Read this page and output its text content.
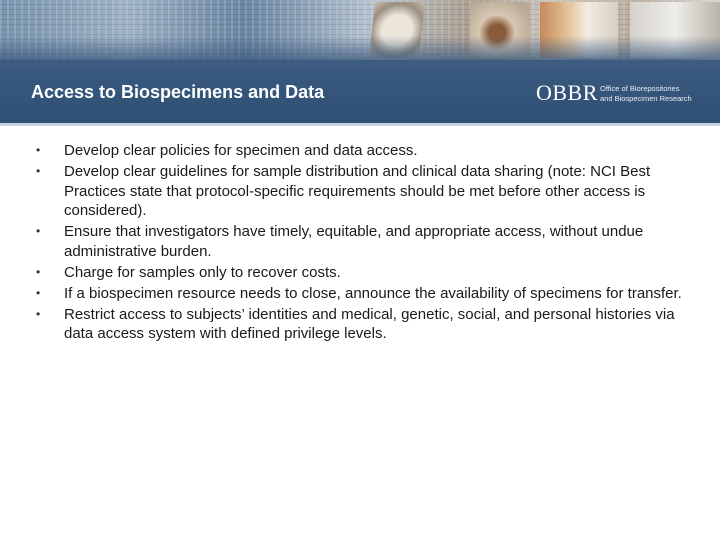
Access to Biospecimens and Data	OBBR Office of Biorepositories
and Biospecimen Research
• Develop clear policies for specimen and data access.
• Develop clear guidelines for sample distribution and clinical data sharing (note: NCI Best Practices state that protocol-specific requirements should be met before other access is considered).
• Ensure that investigators have timely, equitable, and appropriate access, without undue administrative burden.
• Charge for samples only to recover costs.
• If a biospecimen resource needs to close, announce the availability of specimens for transfer.
• Restrict access to subjects’ identities and medical, genetic, social, and personal histories via data access system with defined privilege levels.
